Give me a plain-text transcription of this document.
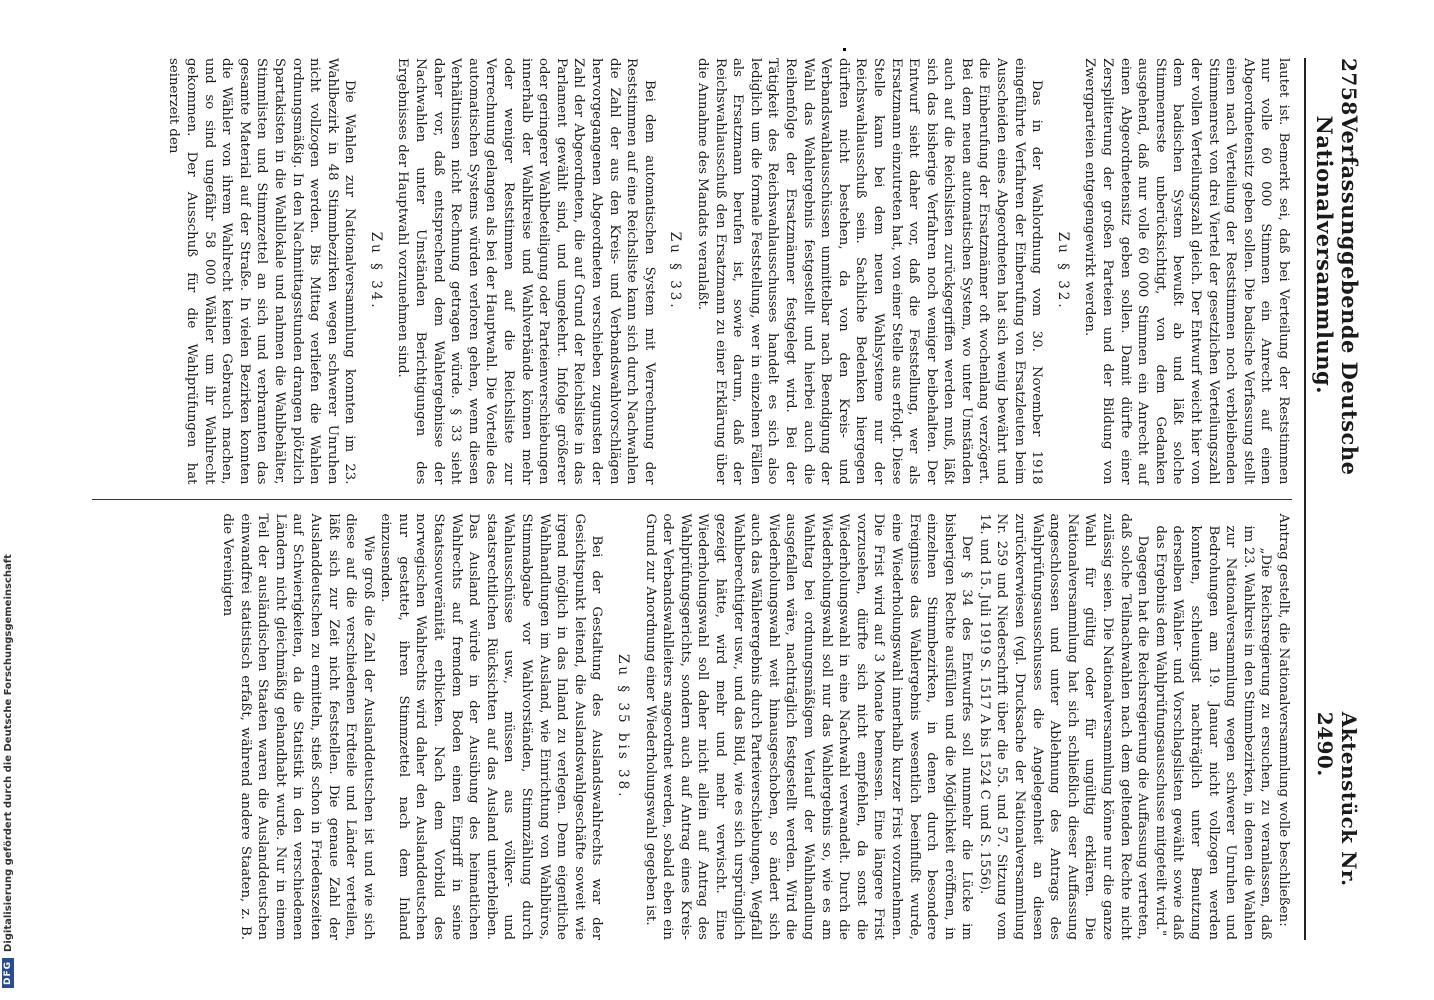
2758
Verfassunggebende Deutsche Nationalversammlung.
Aktenstück Nr. 2490.

lautet ist. Bemerkt sei, daß bei Verteilung der Reststimmen nur volle 60 000 Stimmen ein Anrecht auf einen Abgeordnetensitz geben sollen. Die badische Verfassung stellt einen nach Verteilung der Reststimmen noch verbleibenden Stimmenrest von drei Viertel der gesetzlichen Verteilungszahl der vollen Verteilungszahl gleich. Der Entwurf weicht hier von dem badischen System bewußt ab und läßt solche Stimmenreste unberücksichtigt, von dem Gedanken ausgehend, daß nur volle 60 000 Stimmen ein Anrecht auf einen Abgeordnetensitz geben sollen. Damit dürfte einer Zersplitterung der großen Parteien und der Bildung von Zwergparteien entgegengewirkt werden.

Zu § 32.

Das in der Wahlordnung vom 30. November 1918 eingeführte Verfahren der Einberufung von Ersatzleuten beim Ausscheiden eines Abgeordneten hat sich wenig bewährt und die Einberufung der Ersatzmänner oft wochenlang verzögert. Bei dem neuen automatischen System, wo unter Umständen auch auf die Reichslisten zurückgegriffen werden muß, läßt sich das bisherige Verfahren noch weniger beibehalten. Der Entwurf sieht daher vor, daß die Feststellung, wer als Ersatzmann einzutreten hat, von einer Stelle aus erfolgt. Diese Stelle kann bei dem neuen Wahlsysteme nur der Reichswahlausschuß sein. Sachliche Bedenken hiergegen dürften nicht bestehen, da von den Kreis- und Verbandswahlausschüssen unmittelbar nach Beendigung der Wahl das Wahlergebnis festgestellt und hierbei auch die Reihenfolge der Ersatzmänner festgelegt wird. Bei der Tätigkeit des Reichswahlausschusses handelt es sich also lediglich um die formale Feststellung, wer in einzelnen Fällen als Ersatzmann berufen ist, sowie darum, daß der Reichswahlausschuß den Ersatzmann zu einer Erklärung über die Annahme des Mandats veranlaßt.

Zu § 33.

Bei dem automatischen System mit Verrechnung der Reststimmen auf eine Reichsliste kann sich durch Nachwahlen die Zahl der aus den Kreis- und Verbandswahlvorschlägen hervorgegangenen Abgeordneten verschieben zugunsten der Zahl der Abgeordneten, die auf Grund der Reichsliste in das Parlament gewählt sind, und umgekehrt. Infolge größerer oder geringerer Wahlbeteiligung oder Parteienverschiebungen innerhalb der Wahlkreise und Wahlverbände können mehr oder weniger Reststimmen auf die Reichsliste zur Verrechnung gelangen als bei der Hauptwahl. Die Vorteile des automatischen Systems würden verloren gehen, wenn diesen Verhältnissen nicht Rechnung getragen würde. § 33 sieht daher vor, daß entsprechend dem Wahlergebnisse der Nachwahlen unter Umständen Berichtigungen des Ergebnisses der Hauptwahl vorzunehmen sind.

Zu § 34.

Die Wahlen zur Nationalversammlung konnten im 23. Wahlbezirk in 48 Stimmbezirken wegen schwerer Unruhen nicht vollzogen werden. Bis Mittag verliefen die Wahlen ordnungsmäßig. In den Nachmittagsstunden drangen plötzlich Spartakisten in die Wahllokale und nahmen die Wahlbehälter, Stimmlisten und Stimmzettel an sich und verbrannten das gesamte Material auf der Straße. In vielen Bezirken konnten die Wähler von ihrem Wahlrecht keinen Gebrauch machen, und so sind ungefähr 58 000 Wähler um ihr Wahlrecht gekommen. Der Ausschuß für die Wahlprüfungen hat seinerzeit den

Antrag gestellt, die Nationalversammlung wolle beschließen:

„Die Reichsregierung zu ersuchen, zu veranlassen, daß im 23. Wahlkreis in den Stimmbezirken, in denen die Wahlen zur Nationalversammlung wegen schwerer Unruhen und Bedrohungen am 19. Januar nicht vollzogen werden konnten, schleunigst nachträglich unter Benutzung derselben Wähler- und Vorschlagslisten gewählt sowie daß das Ergebnis dem Wahlprüfungsausschusse mitgeteilt wird."

Dagegen hat die Reichsregierung die Auffassung vertreten, daß solche Teilnachwahlen nach dem geltenden Rechte nicht zulässig seien. Die Nationalversammlung könne nur die ganze Wahl für gültig oder für ungültig erklären. Die Nationalversammlung hat sich schließlich dieser Auffassung angeschlossen und unter Ablehnung des Antrags des Wahlprüfungsausschusses die Angelegenheit an diesen zurückverwiesen (vgl. Drucksache der Nationalversammlung Nr. 259 und Niederschrift über die 55. und 57. Sitzung vom 14. und 15. Juli 1919 S. 1517 A bis 1524 C und S. 1556).

Der § 34 des Entwurfes soll nunmehr die Lücke im bisherigen Rechte ausfüllen und die Möglichkeit eröffnen, in einzelnen Stimmbezirken, in denen durch besondere Ereignisse das Wahlergebnis wesentlich beeinflußt wurde, eine Wiederholungswahl innerhalb kurzer Frist vorzunehmen. Die Frist wird auf 3 Monate bemessen. Eine längere Frist vorzusehen, dürfte sich nicht empfehlen, da sonst die Wiederholungswahl in eine Nachwahl verwandelt. Durch die Wiederholungswahl soll nur das Wahlergebnis so, wie es am Wahltag bei ordnungsmäßigem Verlauf der Wahlhandlung ausgefallen wäre, nachträglich festgestellt werden. Wird die Wiederholungswahl weit hinausgeschoben, so ändert sich auch das Wählerergebnis durch Parteiverschiebungen, Wegfall Wahlberechtigter usw., und das Bild, wie es sich ursprünglich gezeigt hätte, wird mehr und mehr verwischt. Eine Wiederholungswahl soll daher nicht allein auf Antrag des Wahlprüfungsgerichts, sondern auch auf Antrag eines Kreis- oder Verbandswahlleiters angeordnet werden, sobald eben ein Grund zur Anordnung einer Wiederholungswahl gegeben ist.

Zu § 35 bis 38.

Bei der Gestaltung des Auslandswahlrechts war der Gesichtspunkt leitend, die Auslandswahlgeschäfte soweit wie irgend möglich in das Inland zu verlegen. Denn eigentliche Wahlhandlungen im Ausland, wie Einrichtung von Wahlbüros, Stimmabgabe vor Wahlvorständen, Stimmzählung durch Wahlausschüsse usw., müssen aus völker- und staatsrechtlichen Rücksichten auf das Ausland unterbleiben. Das Ausland würde in der Ausübung des heimatlichen Wahlrechts auf fremdem Boden einen Eingriff in seine Staatssouveränität erblicken. Nach dem Vorbild des norwegischen Wahlrechts wird daher den Auslanddeutschen nur gestattet, ihren Stimmzettel nach dem Inland einzusenden.

Wie groß die Zahl der Auslanddeutschen ist und wie sich diese auf die verschiedenen Erdteile und Länder verteilen, läßt sich zur Zeit nicht feststellen. Die genaue Zahl der Auslanddeutschen zu ermitteln, stieß schon in Friedenszeiten auf Schwierigkeiten, da die Statistik in den verschiedenen Ländern nicht gleichmäßig gehandhabt wurde. Nur in einem Teil der ausländischen Staaten waren die Auslanddeutschen einwandfrei statistisch erfaßt, während andere Staaten, z. B. die Vereinigten

DFG
Digitalisierung gefördert durch die Deutsche Forschungsgemeinschaft
